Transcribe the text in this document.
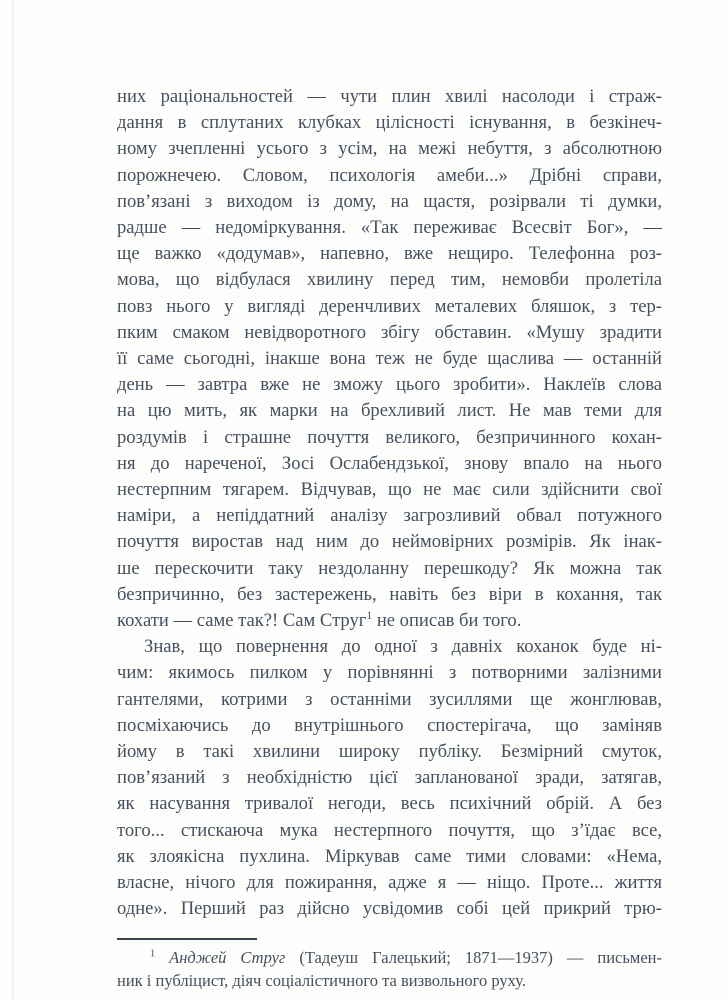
них раціональностей — чути плин хвилі насолоди і страж-
дання в сплутаних клубках цілісності існування, в безкінеч-
ному зчепленні усього з усім, на межі небуття, з абсолютною
порожнечею. Словом, психологія амеби...» Дрібні справи,
пов’язані з виходом із дому, на щастя, розірвали ті думки,
радше — недоміркування. «Так переживає Всесвіт Бог», —
ще важко «додумав», напевно, вже нещиро. Телефонна роз-
мова, що відбулася хвилину перед тим, немовби пролетіла
повз нього у вигляді деренчливих металевих бляшок, з тер-
пким смаком невідворотного збігу обставин. «Мушу зрадити
її саме сьогодні, інакше вона теж не буде щаслива — останній
день — завтра вже не зможу цього зробити». Наклеїв слова
на цю мить, як марки на брехливий лист. Не мав теми для
роздумів і страшне почуття великого, безпричинного кохан-
ня до нареченої, Зосі Ослабендзької, знову впало на нього
нестерпним тягарем. Відчував, що не має сили здійснити свої
наміри, а непіддатний аналізу загрозливий обвал потужного
почуття виростав над ним до неймовірних розмірів. Як інак-
ше перескочити таку нездоланну перешкоду? Як можна так
безпричинно, без застережень, навіть без віри в кохання, так
кохати — саме так?! Сам Струг$^1$ не описав би того.
Знав, що повернення до одної з давніх коханок буде ні-
чим: якимось пилком у порівнянні з потворними залізними
гантелями, котрими з останніми зусиллями ще жонглював,
посміхаючись до внутрішнього спостерігача, що заміняв
йому в такі хвилини широку публіку. Безмірний смуток,
пов’язаний з необхідністю цієї запланованої зради, затягав,
як насування тривалої негоди, весь психічний обрій. А без
того... стискаюча мука нестерпного почуття, що з’їдає все,
як злоякісна пухлина. Міркував саме тими словами: «Нема,
власне, нічого для пожирання, адже я — ніщо. Проте... життя
одне». Перший раз дійсно усвідомив собі цей прикрий трю-
$^1$ Анджей Струг (Тадеуш Галецький; 1871—1937) — письмен-
ник і публіцист, діяч соціалістичного та визвольного руху.
